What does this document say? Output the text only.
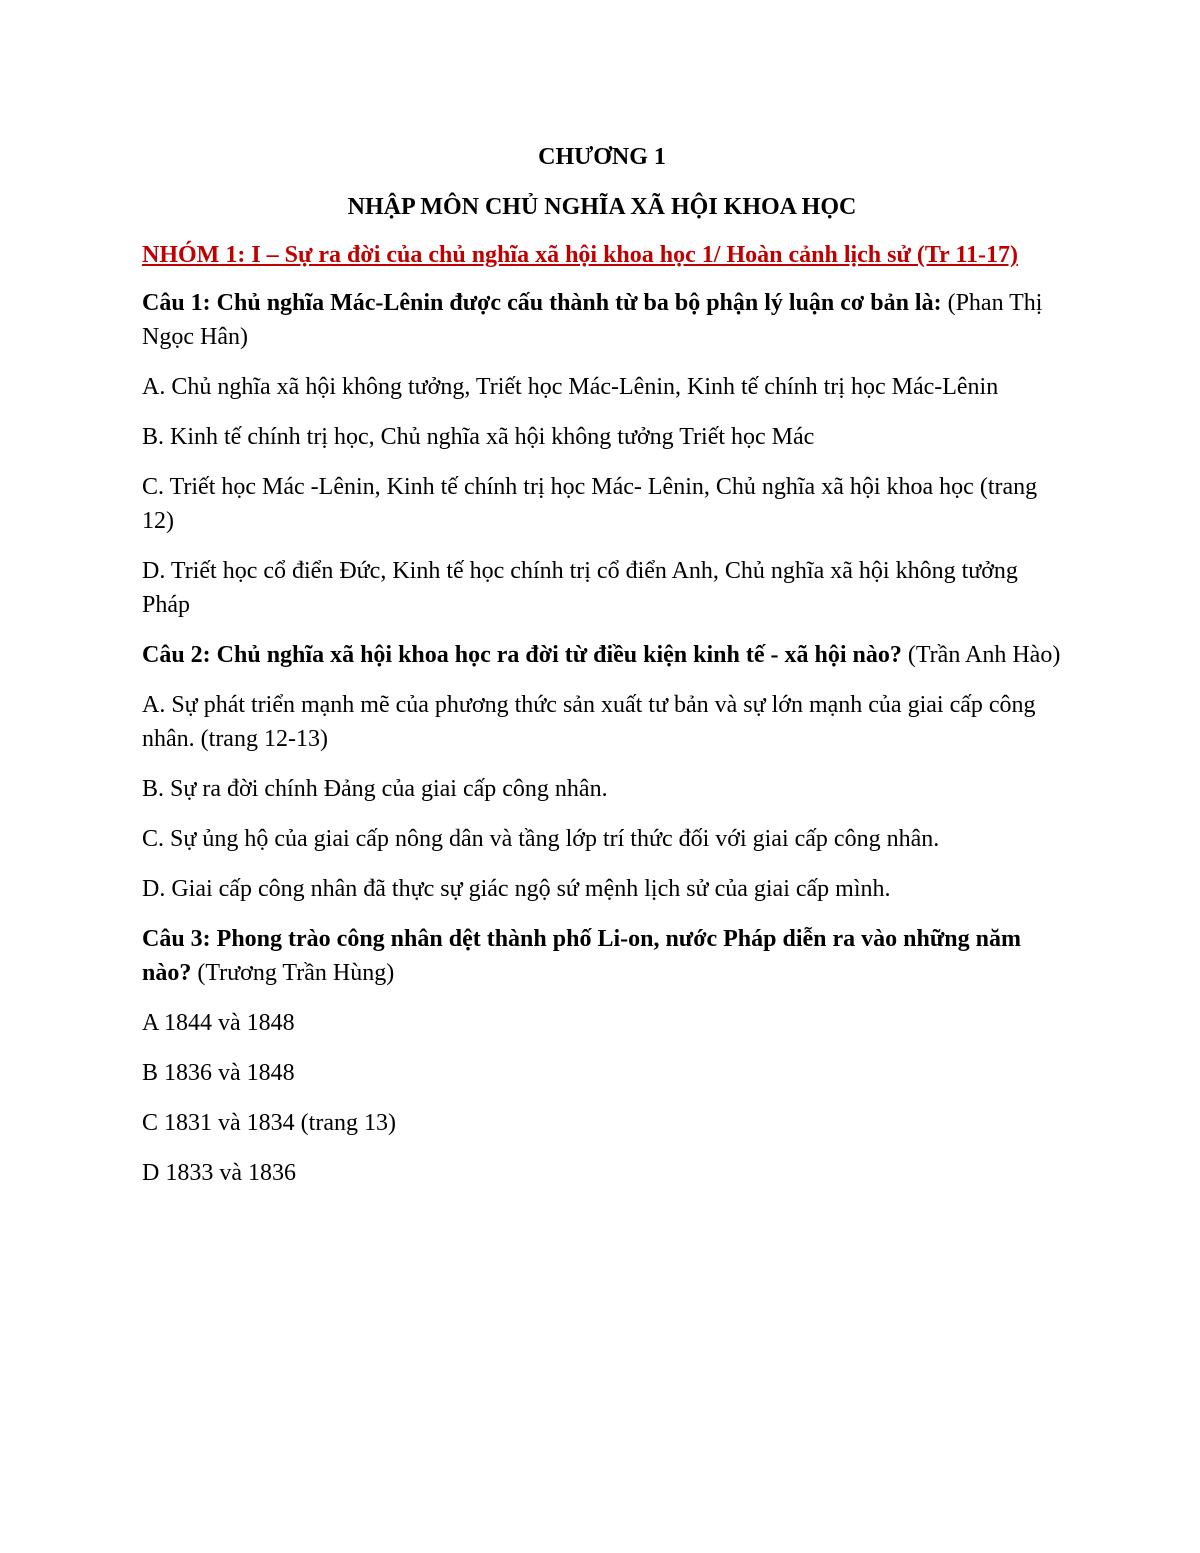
CHƯƠNG 1

NHẬP MÔN CHỦ NGHĨA XÃ HỘI KHOA HỌC

NHÓM 1: I – Sự ra đời của chủ nghĩa xã hội khoa học 1/ Hoàn cảnh lịch sử (Tr 11-17)

Câu 1: Chủ nghĩa Mác-Lênin được cấu thành từ ba bộ phận lý luận cơ bản là: (Phan Thị Ngọc Hân)

A. Chủ nghĩa xã hội không tưởng, Triết học Mác-Lênin, Kinh tế chính trị học Mác-Lênin

B. Kinh tế chính trị học, Chủ nghĩa xã hội không tưởng Triết học Mác

C. Triết học Mác -Lênin, Kinh tế chính trị học Mác- Lênin, Chủ nghĩa xã hội khoa học (trang 12)

D. Triết học cổ điển Đức, Kinh tế học chính trị cổ điển Anh, Chủ nghĩa xã hội không tưởng Pháp

Câu 2: Chủ nghĩa xã hội khoa học ra đời từ điều kiện kinh tế - xã hội nào? (Trần Anh Hào)

A. Sự phát triển mạnh mẽ của phương thức sản xuất tư bản và sự lớn mạnh của giai cấp công nhân. (trang 12-13)

B. Sự ra đời chính Đảng của giai cấp công nhân.

C. Sự ủng hộ của giai cấp nông dân và tầng lớp trí thức đối với giai cấp công nhân.

D. Giai cấp công nhân đã thực sự giác ngộ sứ mệnh lịch sử của giai cấp mình.

Câu 3: Phong trào công nhân dệt thành phố Li-on, nước Pháp diễn ra vào những năm nào? (Trương Trần Hùng)

A 1844 và 1848

B 1836 và 1848

C 1831 và 1834 (trang 13)

D 1833 và 1836
